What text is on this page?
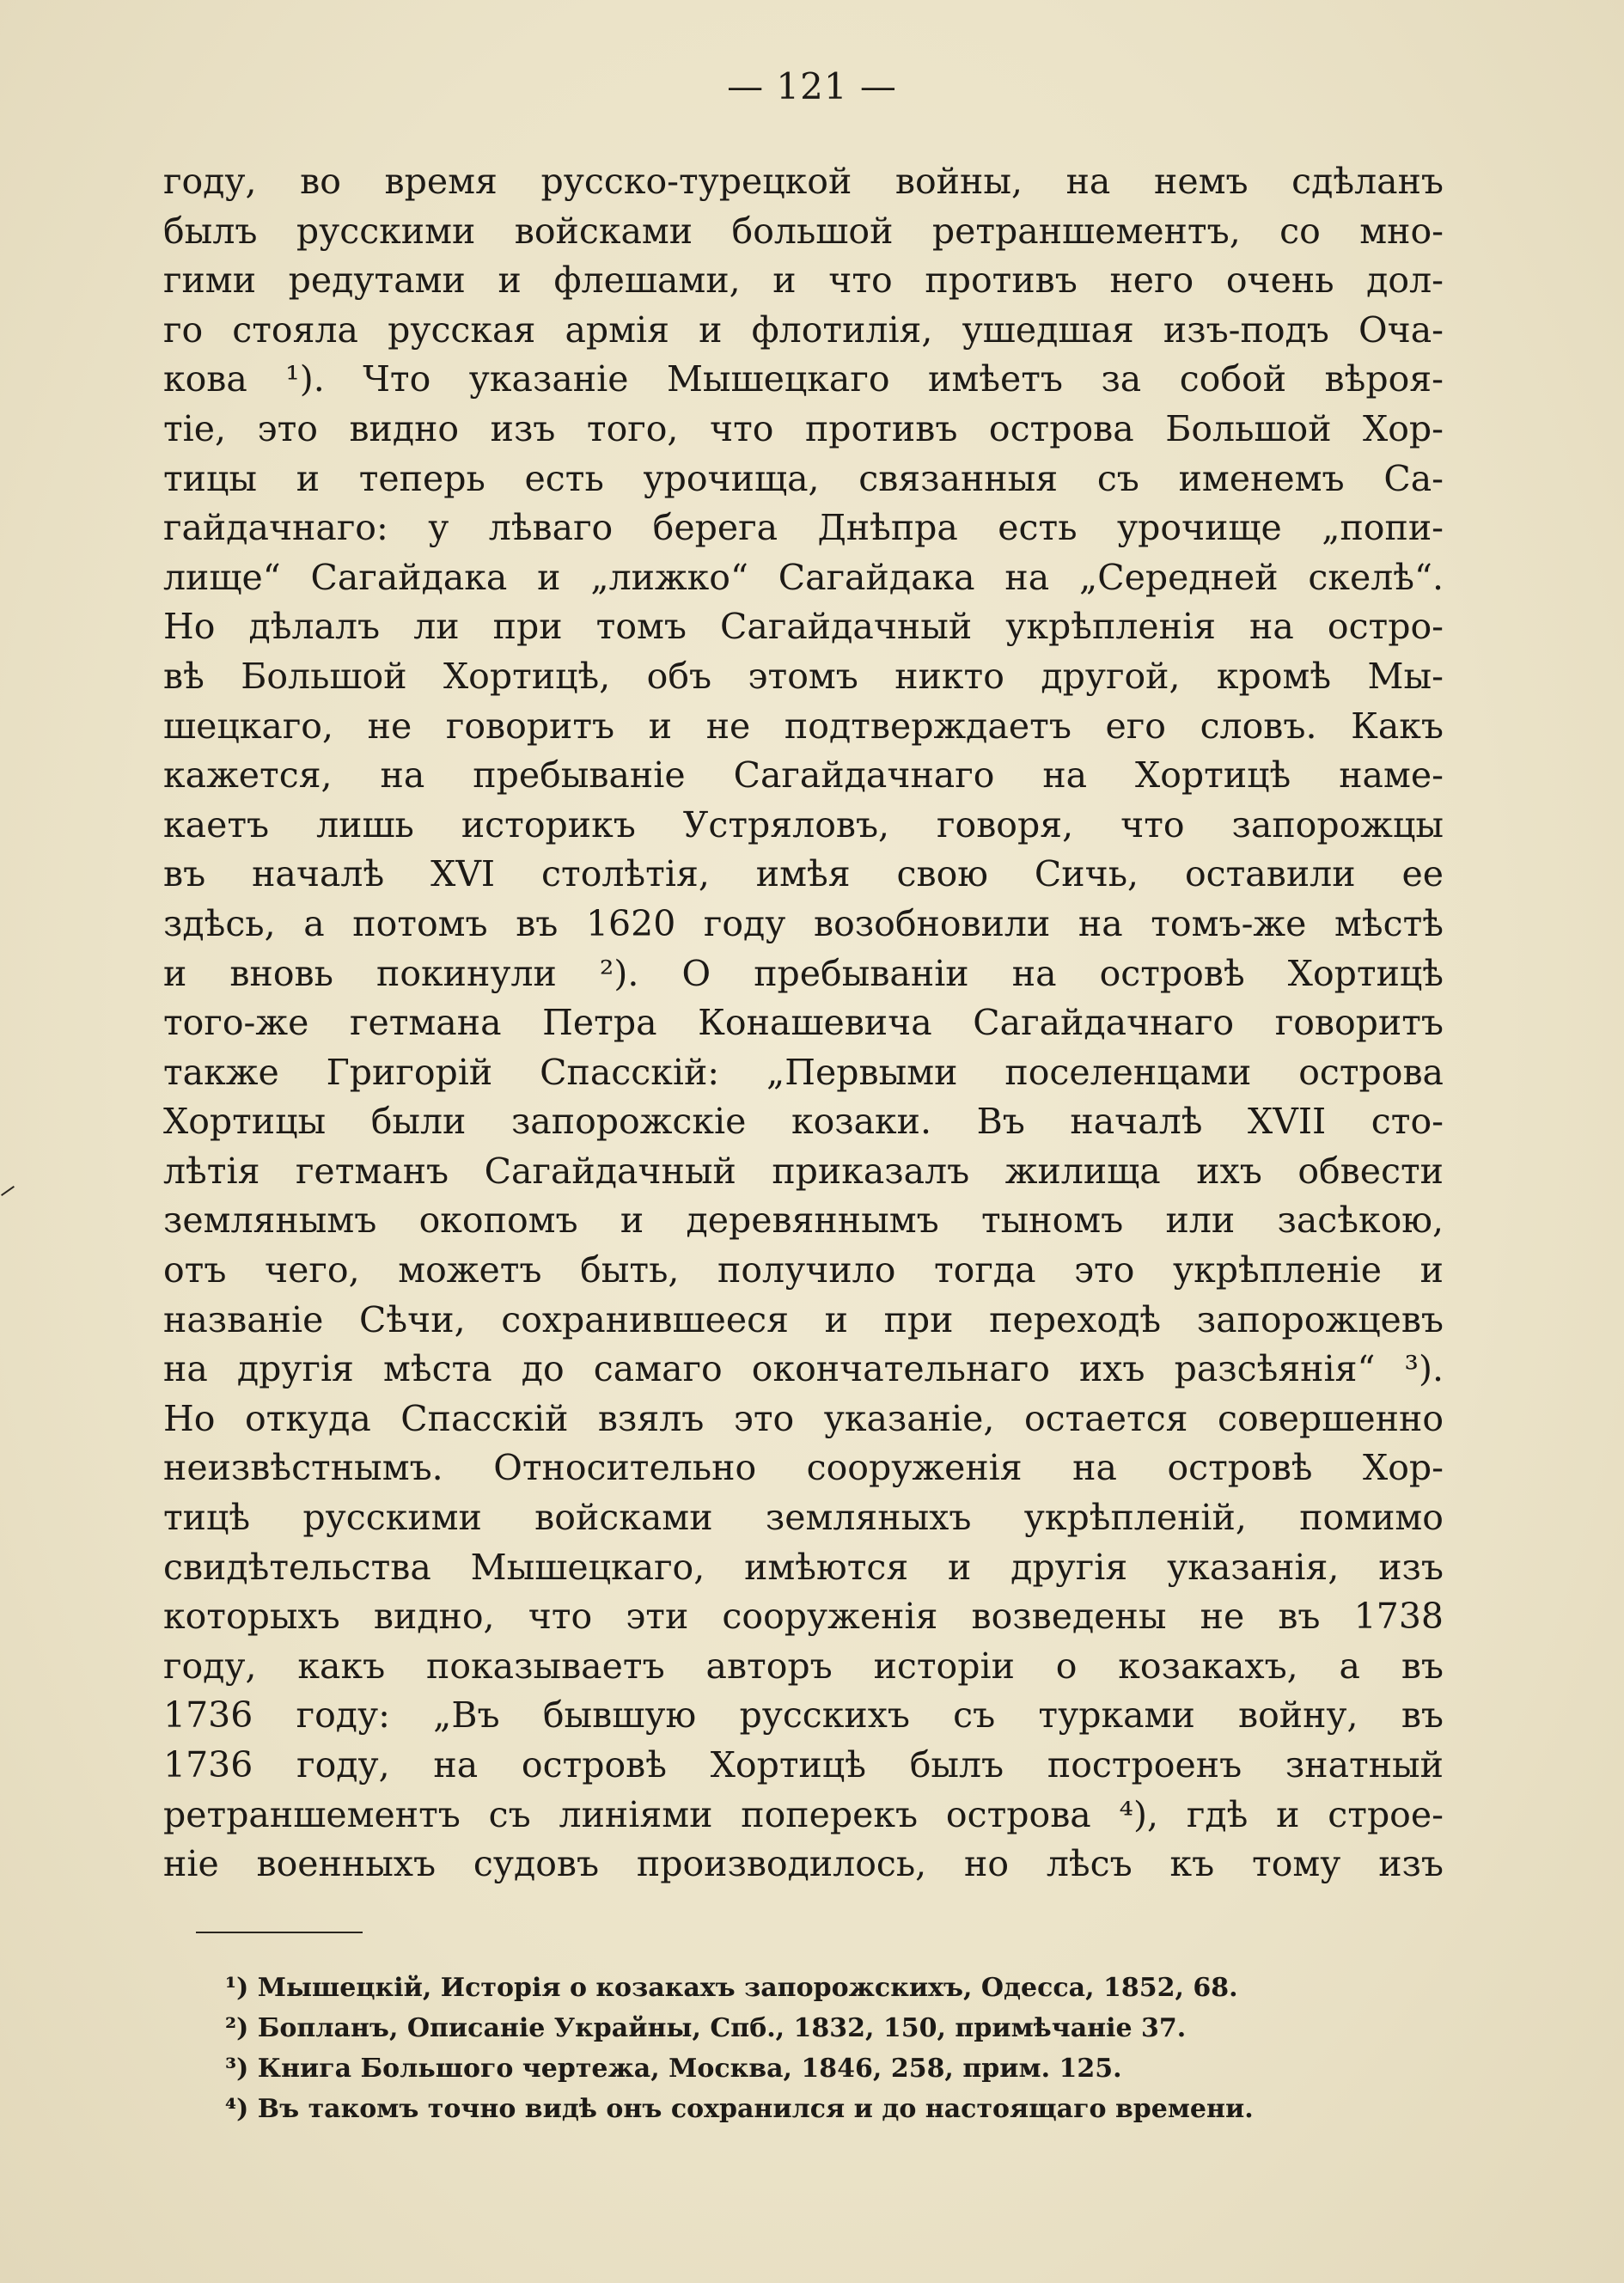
— 121 —
году, во время русско-турецкой войны, на немъ сдѣланъ
былъ русскими войсками большой ретраншементъ, со мно-
гими редутами и флешами, и что противъ него очень дол-
го стояла русская армія и флотилія, ушедшая изъ-подъ Оча-
кова ¹). Что указаніе Мышецкаго имѣетъ за собой вѣроя-
тіе, это видно изъ того, что противъ острова Большой Хор-
тицы и теперь есть урочища, связанныя съ именемъ Са-
гайдачнаго: у лѣваго берега Днѣпра есть урочище „попи-
лище“ Сагайдака и „лижко“ Сагайдака на „Середней скелѣ“.
Но дѣлалъ ли при томъ Сагайдачный укрѣпленія на остро-
вѣ Большой Хортицѣ, объ этомъ никто другой, кромѣ Мы-
шецкаго, не говоритъ и не подтверждаетъ его словъ. Какъ
кажется, на пребываніе Сагайдачнаго на Хортицѣ наме-
каетъ лишь историкъ Устряловъ, говоря, что запорожцы
въ началѣ XVI столѣтія, имѣя свою Сичь, оставили ее
здѣсь, а потомъ въ 1620 году возобновили на томъ-же мѣстѣ
и вновь покинули ²). О пребываніи на островѣ Хортицѣ
того-же гетмана Петра Конашевича Сагайдачнаго говоритъ
также Григорій Спасскій: „Первыми поселенцами острова
Хортицы были запорожскіе козаки. Въ началѣ XVII сто-
лѣтія гетманъ Сагайдачный приказалъ жилища ихъ обвести
землянымъ окопомъ и деревяннымъ тыномъ или засѣкою,
отъ чего, можетъ быть, получило тогда это укрѣпленіе и
названіе Сѣчи, сохранившееся и при переходѣ запорожцевъ
на другія мѣста до самаго окончательнаго ихъ разсѣянія“ ³).
Но откуда Спасскій взялъ это указаніе, остается совершенно
неизвѣстнымъ. Относительно сооруженія на островѣ Хор-
тицѣ русскими войсками земляныхъ укрѣпленій, помимо
свидѣтельства Мышецкаго, имѣются и другія указанія, изъ
которыхъ видно, что эти сооруженія возведены не въ 1738
году, какъ показываетъ авторъ исторіи о козакахъ, а въ
1736 году: „Въ бывшую русскихъ съ турками войну, въ
1736 году, на островѣ Хортицѣ былъ построенъ знатный
ретраншементъ съ линіями поперекъ острова ⁴), гдѣ и строе-
ніе военныхъ судовъ производилось, но лѣсъ къ тому изъ
¹) Мышецкій, Исторія о козакахъ запорожскихъ, Одесса, 1852, 68.
²) Бопланъ, Описаніе Украйны, Спб., 1832, 150, примѣчаніе 37.
³) Книга Большого чертежа, Москва, 1846, 258, прим. 125.
⁴) Въ такомъ точно видѣ онъ сохранился и до настоящаго времени.
